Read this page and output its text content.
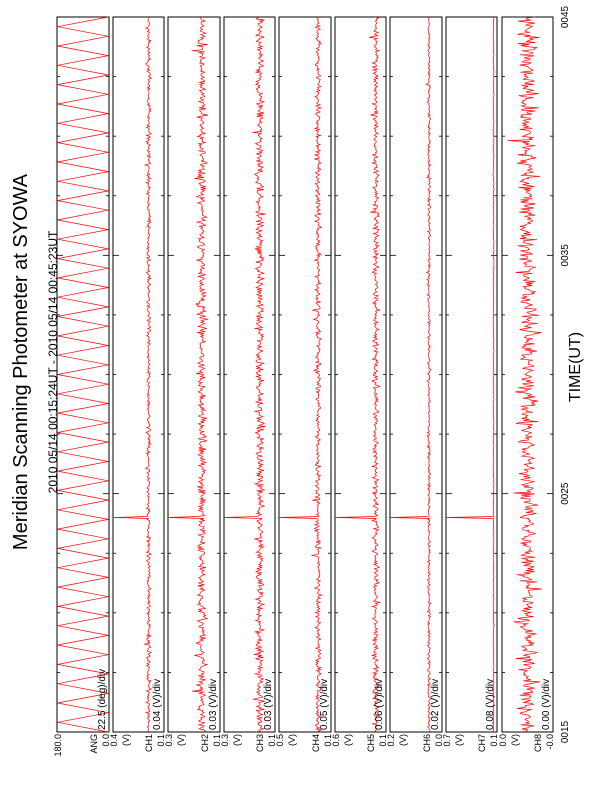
Meridian Scanning Photometer at SYOWA 2010 05/14 00:15:24UT - 2010 05/14 00:45:23UT
180.0	0.0
ANG
22.5 (deg)/div
0.4	0.1
CH1
(V)
0.04 (V)/div
0.3	0.1
CH2
(V)
0.03 (V)/div
0.3	0.1
CH3
(V)
0.03 (V)/div
0.5	0.1
CH4
(V)
0.05 (V)/div
0.6	0.1
CH5
(V)
0.06 (V)/div
0.2	0.0
CH6
(V)
0.02 (V)/div
0.7	0.1
CH7
(V)
0.08 (V)/div
0.0	-0.0
CH8
(V)
0.00 (V)/div
0015
0025
0035
0045
TIME(UT)
